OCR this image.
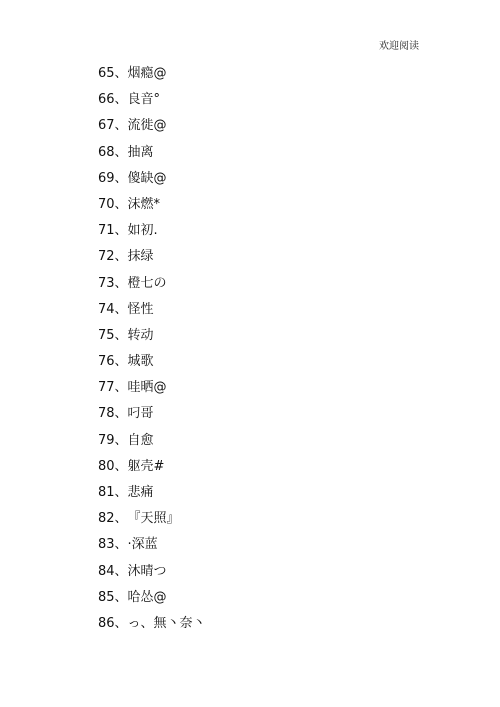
欢迎阅读
65、烟瘾@
66、良音°
67、流徙@
68、抽离
69、傻缺@
70、沫燃*
71、如初.
72、抹绿
73、橙七の
74、怪性
75、转动
76、城歌
77、哇晒@
78、叼哥
79、自愈
80、躯壳#
81、悲痛
82、『天照』
83、·深蓝
84、沐晴つ
85、哈怂@
86、っ、無丶奈丶
